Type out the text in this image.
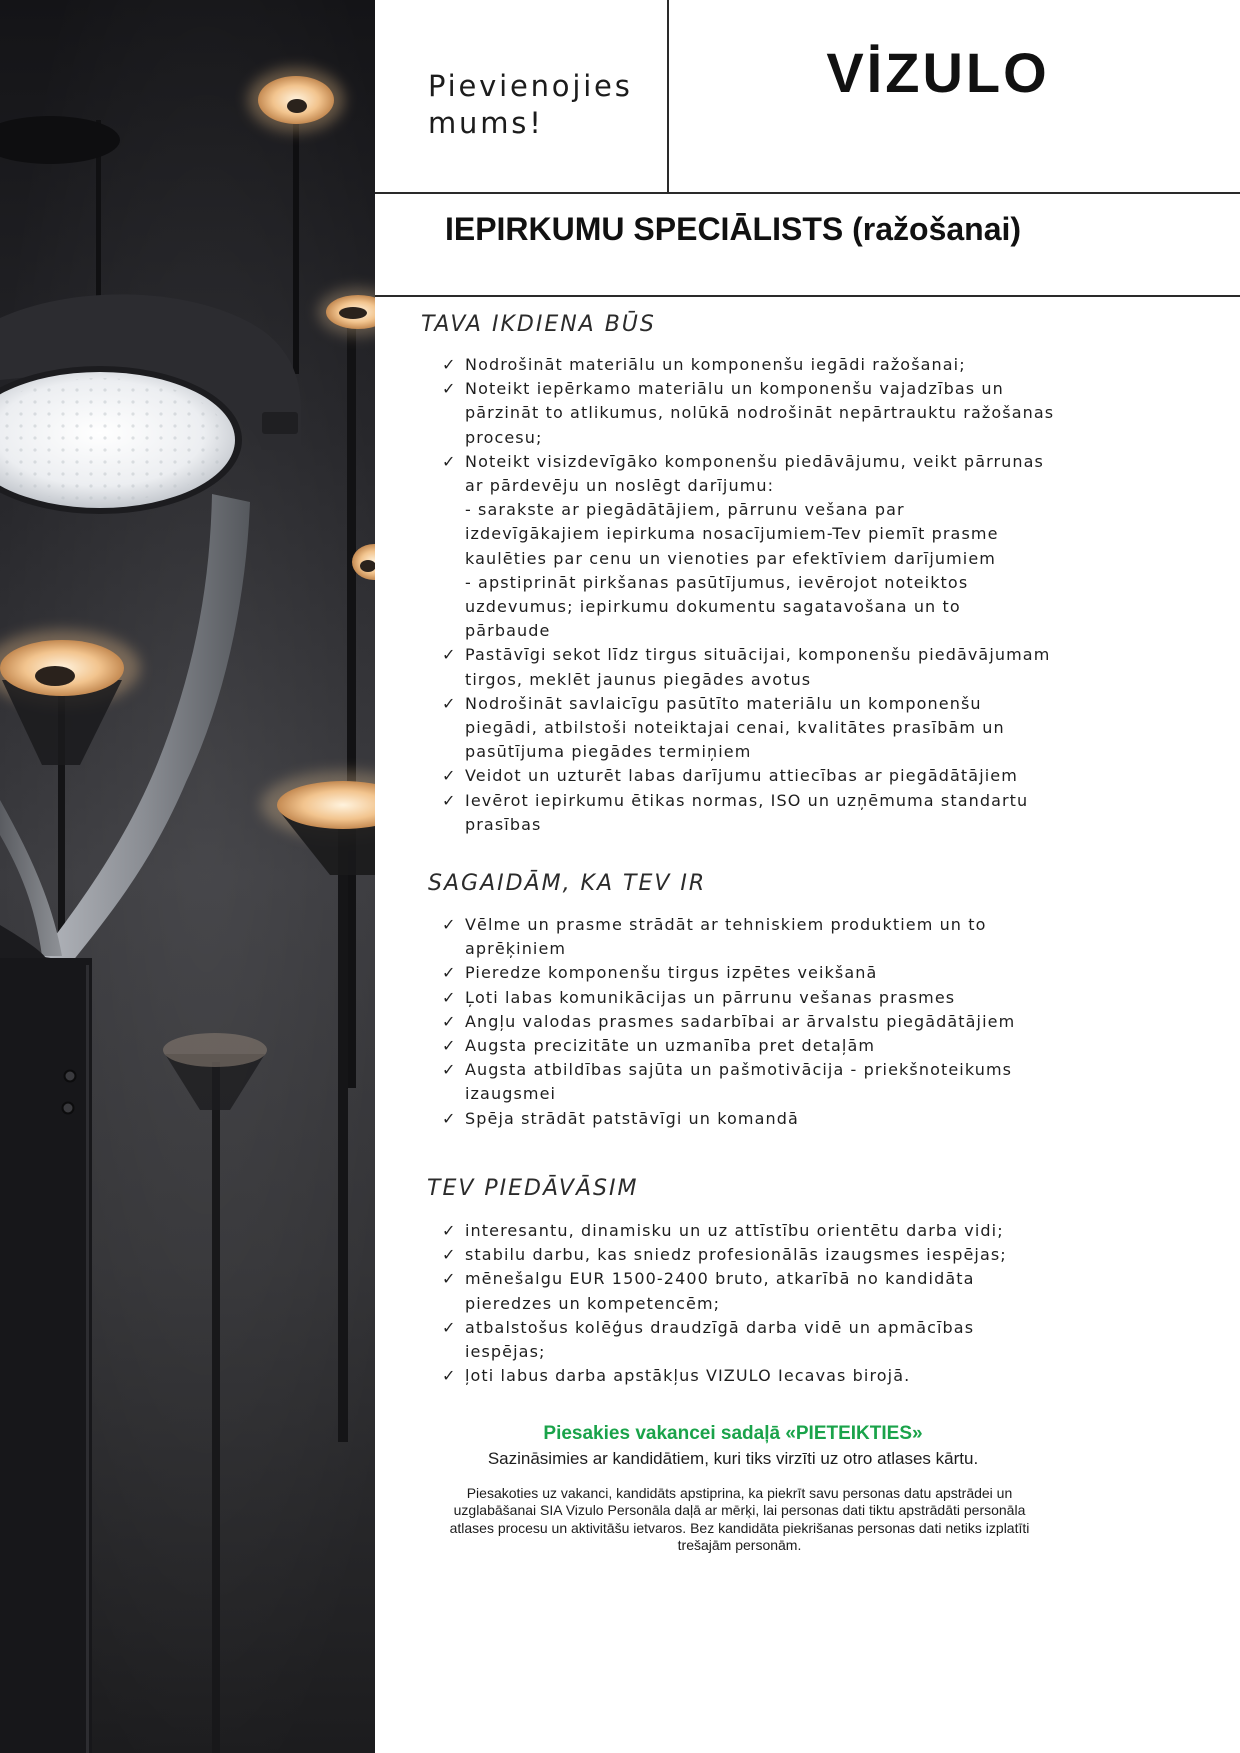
Pievienojies
mums!
VİZULO
IEPIRKUMU SPECIĀLISTS (ražošanai)
TAVA IKDIENA BŪS
✓
Nodrošināt materiālu un komponenšu iegādi ražošanai;
✓
Noteikt iepērkamo materiālu un komponenšu vajadzības un
pārzināt to atlikumus, nolūkā nodrošināt nepārtrauktu ražošanas
procesu;
✓
Noteikt visizdevīgāko komponenšu piedāvājumu, veikt pārrunas
ar pārdevēju un noslēgt darījumu:
- sarakste ar piegādātājiem, pārrunu vešana par
izdevīgākajiem iepirkuma nosacījumiem-Tev piemīt prasme
kaulēties par cenu un vienoties par efektīviem darījumiem
- apstiprināt pirkšanas pasūtījumus, ievērojot noteiktos
uzdevumus; iepirkumu dokumentu sagatavošana un to
pārbaude
✓
Pastāvīgi sekot līdz tirgus situācijai, komponenšu piedāvājumam
tirgos, meklēt jaunus piegādes avotus
✓
Nodrošināt savlaicīgu pasūtīto materiālu un komponenšu
piegādi, atbilstoši noteiktajai cenai, kvalitātes prasībām un
pasūtījuma piegādes termiņiem
✓
Veidot un uzturēt labas darījumu attiecības ar piegādātājiem
✓
Ievērot iepirkumu ētikas normas, ISO un uzņēmuma standartu
prasības
SAGAIDĀM, KA TEV IR
✓
Vēlme un prasme strādāt ar tehniskiem produktiem un to
aprēķiniem
✓
Pieredze komponenšu tirgus izpētes veikšanā
✓
Ļoti labas komunikācijas un pārrunu vešanas prasmes
✓
Angļu valodas prasmes sadarbībai ar ārvalstu piegādātājiem
✓
Augsta precizitāte un uzmanība pret detaļām
✓
Augsta atbildības sajūta un pašmotivācija - priekšnoteikums
izaugsmei
✓
Spēja strādāt patstāvīgi un komandā
TEV PIEDĀVĀSIM
✓
interesantu, dinamisku un uz attīstību orientētu darba vidi;
✓
stabilu darbu, kas sniedz profesionālās izaugsmes iespējas;
✓
mēnešalgu EUR 1500-2400 bruto, atkarībā no kandidāta
pieredzes un kompetencēm;
✓
atbalstošus kolēģus draudzīgā darba vidē un apmācības
iespējas;
✓
ļoti labus darba apstākļus VIZULO Iecavas birojā.
Piesakies vakancei sadaļā «PIETEIKTIES»
Sazināsimies ar kandidātiem, kuri tiks virzīti uz otro atlases kārtu.
Piesakoties uz vakanci, kandidāts apstiprina, ka piekrīt savu personas datu apstrādei un
uzglabāšanai SIA Vizulo Personāla daļā ar mērķi, lai personas dati tiktu apstrādāti personāla
atlases procesu un aktivitāšu ietvaros. Bez kandidāta piekrišanas personas dati netiks izplatīti
trešajām personām.
